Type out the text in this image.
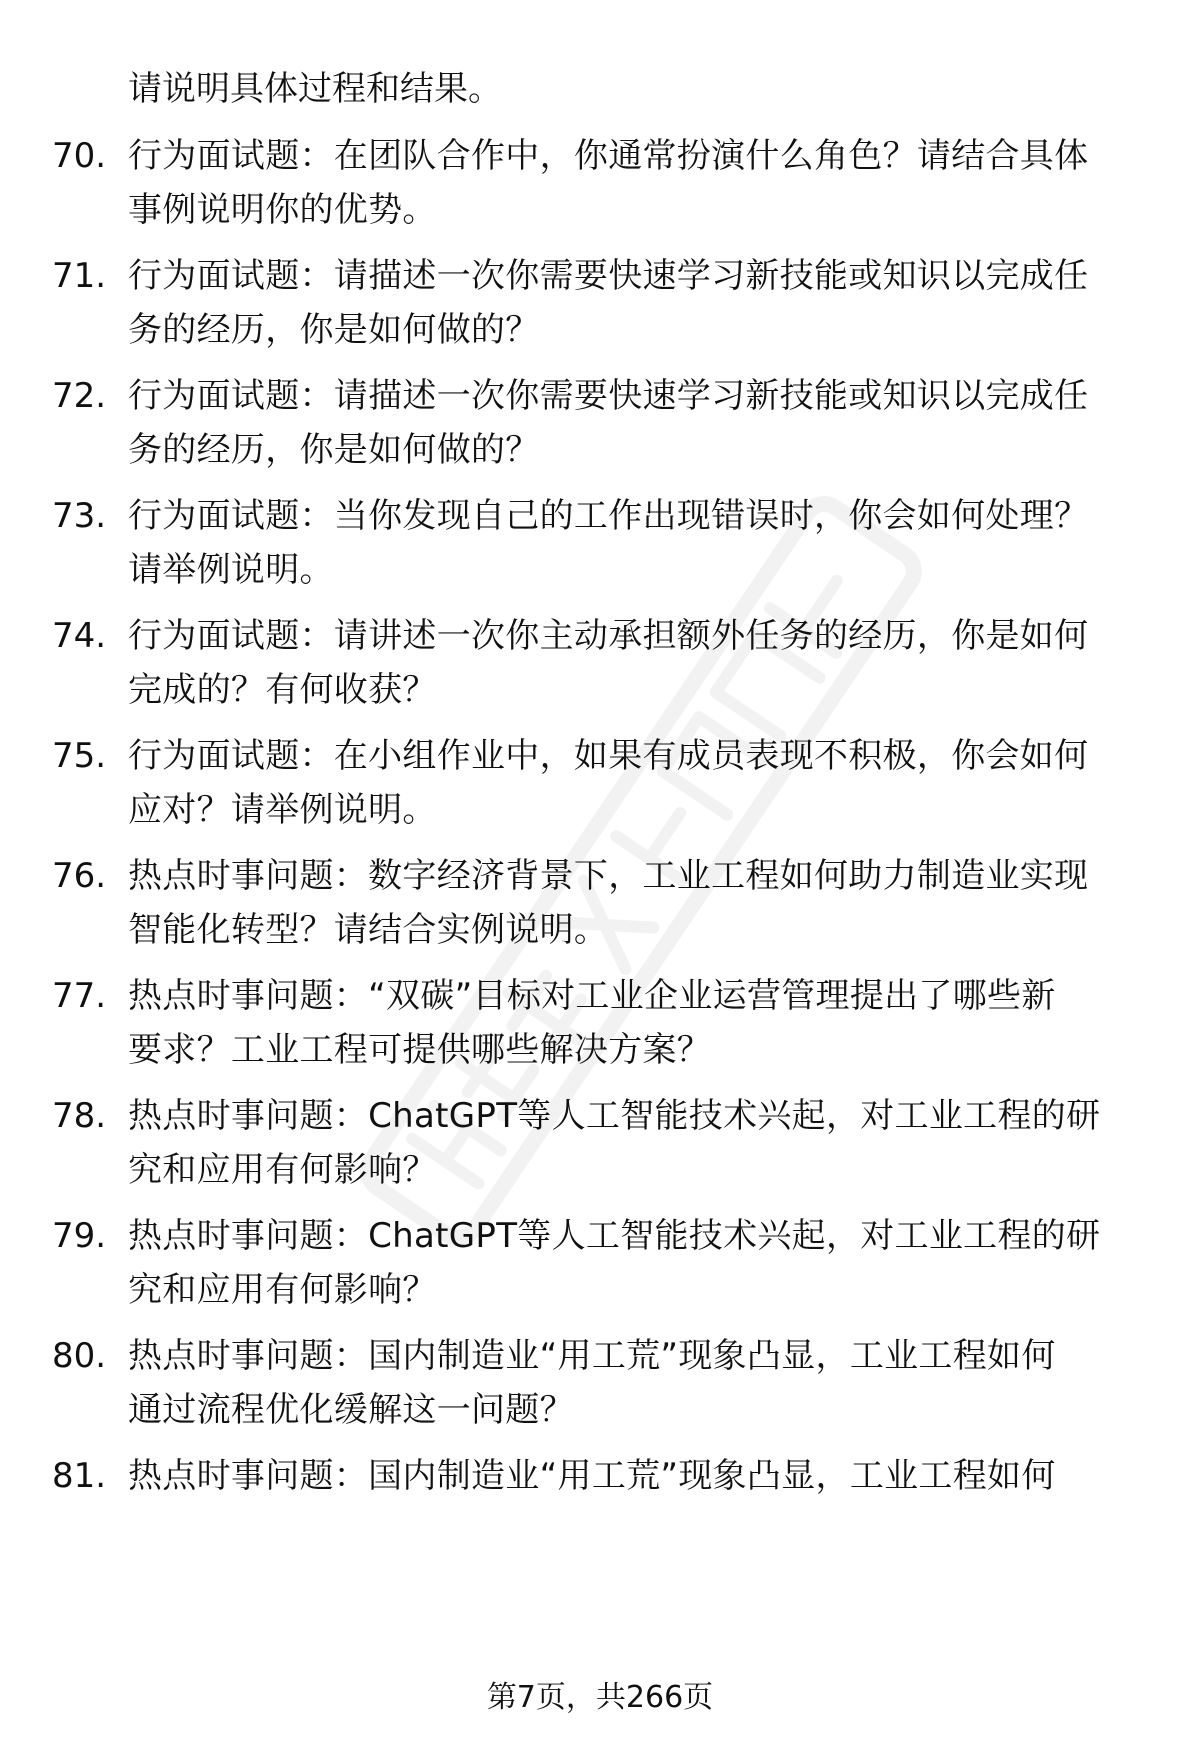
请说明具体过程和结果。
70. 行为面试题：在团队合作中，你通常扮演什么角色？请结合具体
事例说明你的优势。
71. 行为面试题：请描述一次你需要快速学习新技能或知识以完成任
务的经历，你是如何做的？
72. 行为面试题：请描述一次你需要快速学习新技能或知识以完成任
务的经历，你是如何做的？
73. 行为面试题：当你发现自己的工作出现错误时，你会如何处理？
请举例说明。
74. 行为面试题：请讲述一次你主动承担额外任务的经历，你是如何
完成的？有何收获？
75. 行为面试题：在小组作业中，如果有成员表现不积极，你会如何
应对？请举例说明。
76. 热点时事问题：数字经济背景下，工业工程如何助力制造业实现
智能化转型？请结合实例说明。
77. 热点时事问题：“双碳”目标对工业企业运营管理提出了哪些新
要求？工业工程可提供哪些解决方案？
78. 热点时事问题：ChatGPT等人工智能技术兴起，对工业工程的研
究和应用有何影响？
79. 热点时事问题：ChatGPT等人工智能技术兴起，对工业工程的研
究和应用有何影响？
80. 热点时事问题：国内制造业“用工荒”现象凸显，工业工程如何
通过流程优化缓解这一问题？
81. 热点时事问题：国内制造业“用工荒”现象凸显，工业工程如何
第7页，共266页
